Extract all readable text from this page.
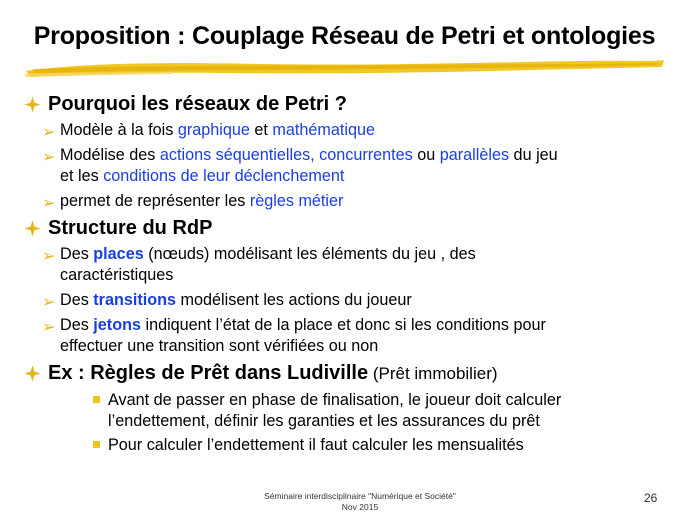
Proposition : Couplage Réseau de Petri et ontologies
Pourquoi les réseaux de Petri ?
➢ Modèle à la fois graphique et mathématique
➢ Modélise des actions séquentielles, concurrentes ou parallèles du jeu
et les conditions de leur déclenchement
➢ permet de représenter les règles métier
Structure du RdP
➢ Des places (nœuds) modélisant les éléments du jeu , des
caractéristiques
➢ Des transitions modélisent les actions du joueur
➢ Des jetons indiquent l’état de la place et donc si les conditions pour
effectuer une transition sont vérifiées ou non
Ex : Règles de Prêt dans Ludiville (Prêt immobilier)
Avant de passer en phase de finalisation, le joueur doit calculer
l’endettement, définir les garanties et les assurances du prêt
Pour calculer l’endettement il faut calculer les mensualités
Séminaire interdisciplinaire "Numérique et Société"
Nov 2015
26
